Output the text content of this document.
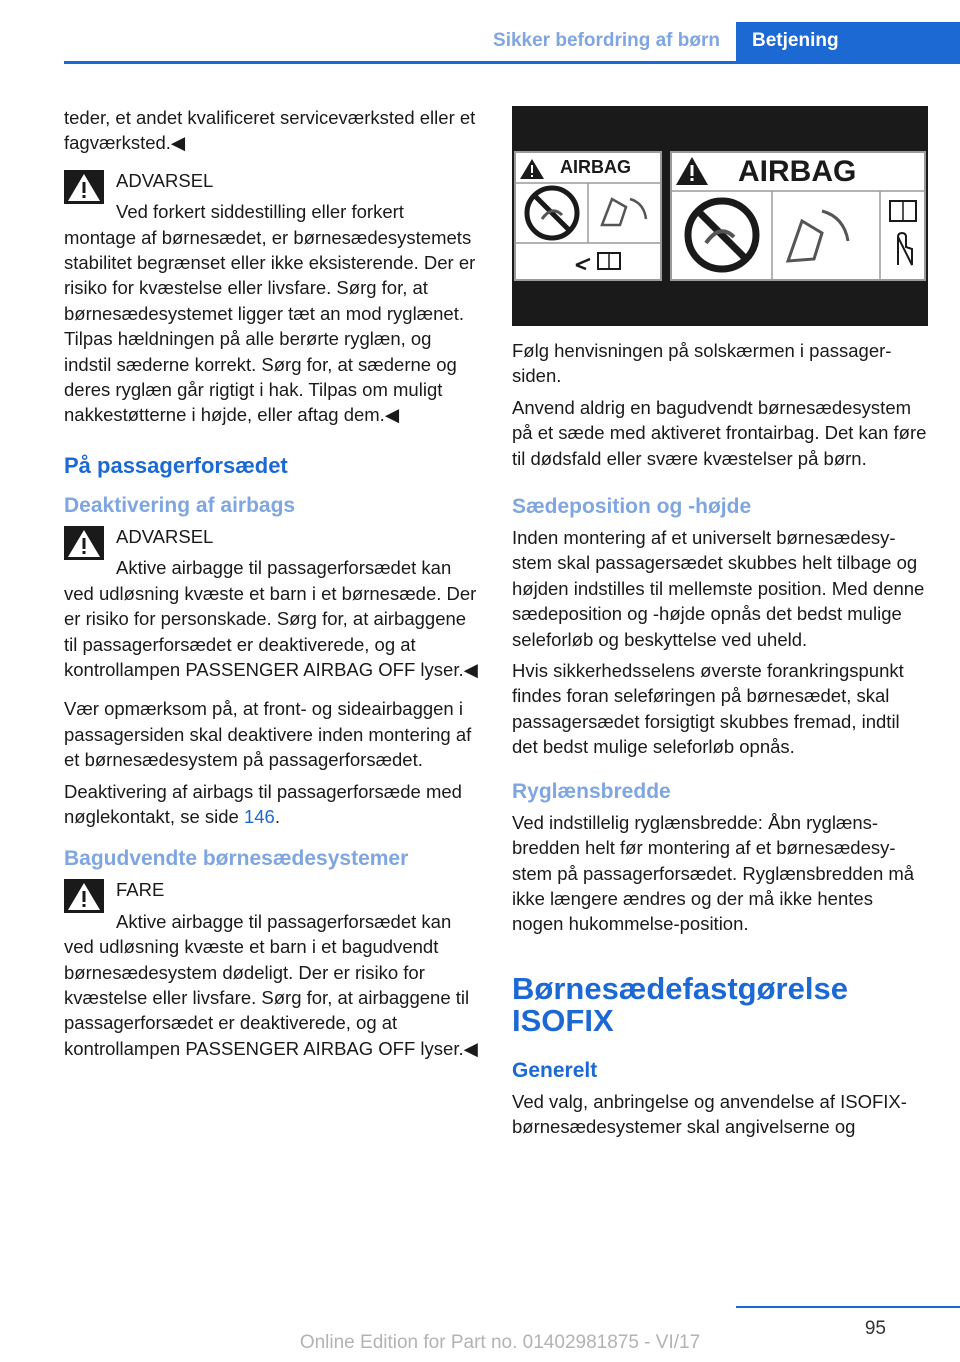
Sikker befordring af børn	Betjening

teder, et andet kvalificeret serviceværksted eller et fagværksted.◀

ADVARSEL
Ved forkert siddestilling eller forkert montage af børnesædet, er børnesædesystemets stabilitet begrænset eller ikke eksisterende. Der er risiko for kvæstelse eller livsfare. Sørg for, at børnesædesystemet ligger tæt an mod ryglænet. Tilpas hældningen på alle berørte ryglæn, og indstil sæderne korrekt. Sørg for, at sæderne og deres ryglæn går rigtigt i hak. Tilpas om muligt nakkestøtterne i højde, eller aftag dem.◀
På passagerforsædet
Deaktivering af airbags
ADVARSEL
Aktive airbagge til passagerforsædet kan ved udløsning kvæste et barn i et børnesæde. Der er risiko for personskade. Sørg for, at airbaggene til passagerforsædet er deaktiverede, og at kontrollampen PASSENGER AIRBAG OFF lyser.◀

Vær opmærksom på, at front- og sideairbaggen i passagersiden skal deaktivere inden montering af et børnesædesystem på passagerforsædet.

Deaktivering af airbags til passagerforsæde med nøglekontakt, se side 146.

Bagudvendte børnesædesystemer
FARE
Aktive airbagge til passagerforsædet kan ved udløsning kvæste et barn i et bagudvendt børnesædesystem dødeligt. Der er risiko for kvæstelse eller livsfare. Sørg for, at airbaggene til passagerforsædet er deaktiverede, og at kontrollampen PASSENGER AIRBAG OFF lyser.◀
AIRBAG	AIRBAG

Følg henvisningen på solskærmen i passagersiden.

Anvend aldrig en bagudvendt børnesædesystem på et sæde med aktiveret frontairbag. Det kan føre til dødsfald eller svære kvæstelser på børn.

Sædeposition og -højde

Inden montering af et universelt børnesædesystem skal passagersædet skubbes helt tilbage og højden indstilles til mellemste position. Med denne sædeposition og -højde opnås det bedst mulige seleforløb og beskyttelse ved uheld.

Hvis sikkerhedsselens øverste forankringspunkt findes foran seleføringen på børnesædet, skal passagersædet forsigtigt skubbes fremad, indtil det bedst mulige seleforløb opnås.

Ryglænsbredde

Ved indstillelig ryglænsbredde: Åbn ryglænsbredden helt før montering af et børnesædesystem på passagerforsædet. Ryglænsbredden må ikke længere ændres og der må ikke hentes nogen hukommelse-position.

Børnesædefastgørelse ISOFIX
Generelt

Ved valg, anbringelse og anvendelse af ISOFIX-børnesædesystemer skal angivelserne og

95
Online Edition for Part no. 01402981875 - VI/17
